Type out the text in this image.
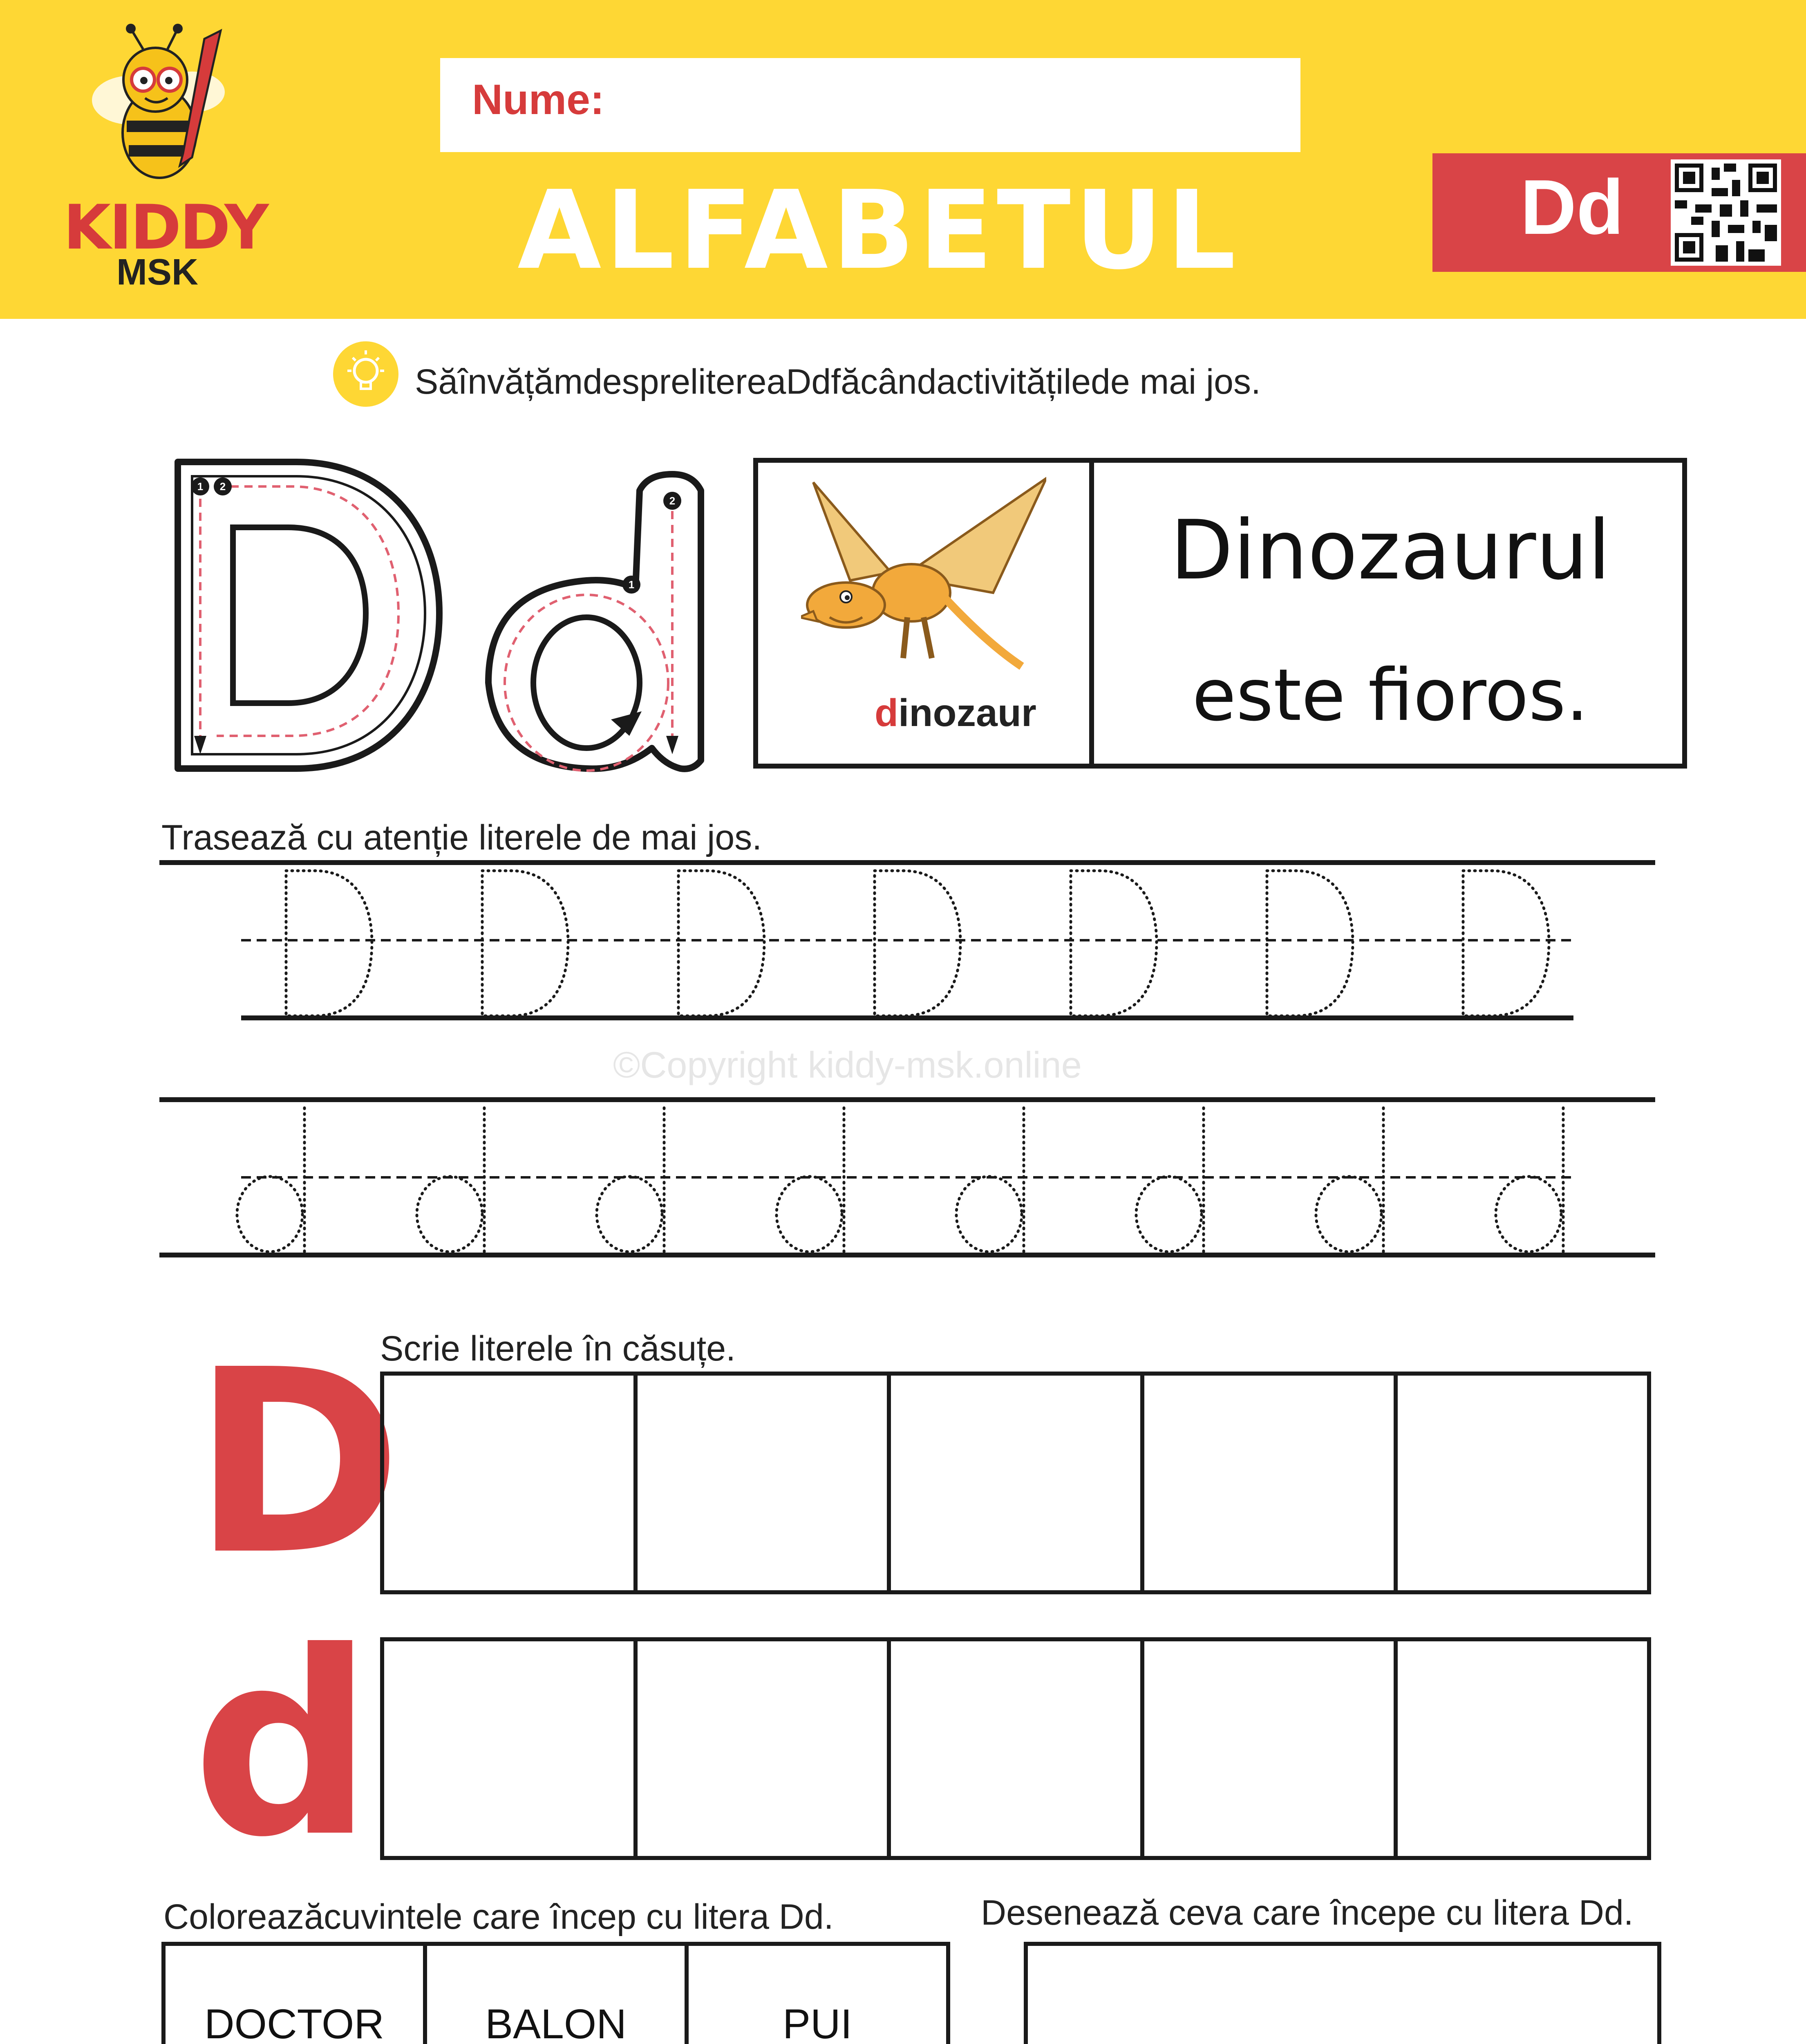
KIDDY
MSK
Nume:
ALFABETUL	Dd
SăînvățămdesprelitereaDdfăcândactivitățilede mai jos.
1 2
2
1
dinozaur
Dinozaurul
este fioros.
Trasează cu atenție literele de mai jos.
©Copyright kiddy-msk.online
Scrie literele în căsuțe.
D
d
Coloreazăcuvintele care încep cu litera Dd.
DOCTOR	BALON	PUI

Desenează ceva care începe cu litera Dd.
